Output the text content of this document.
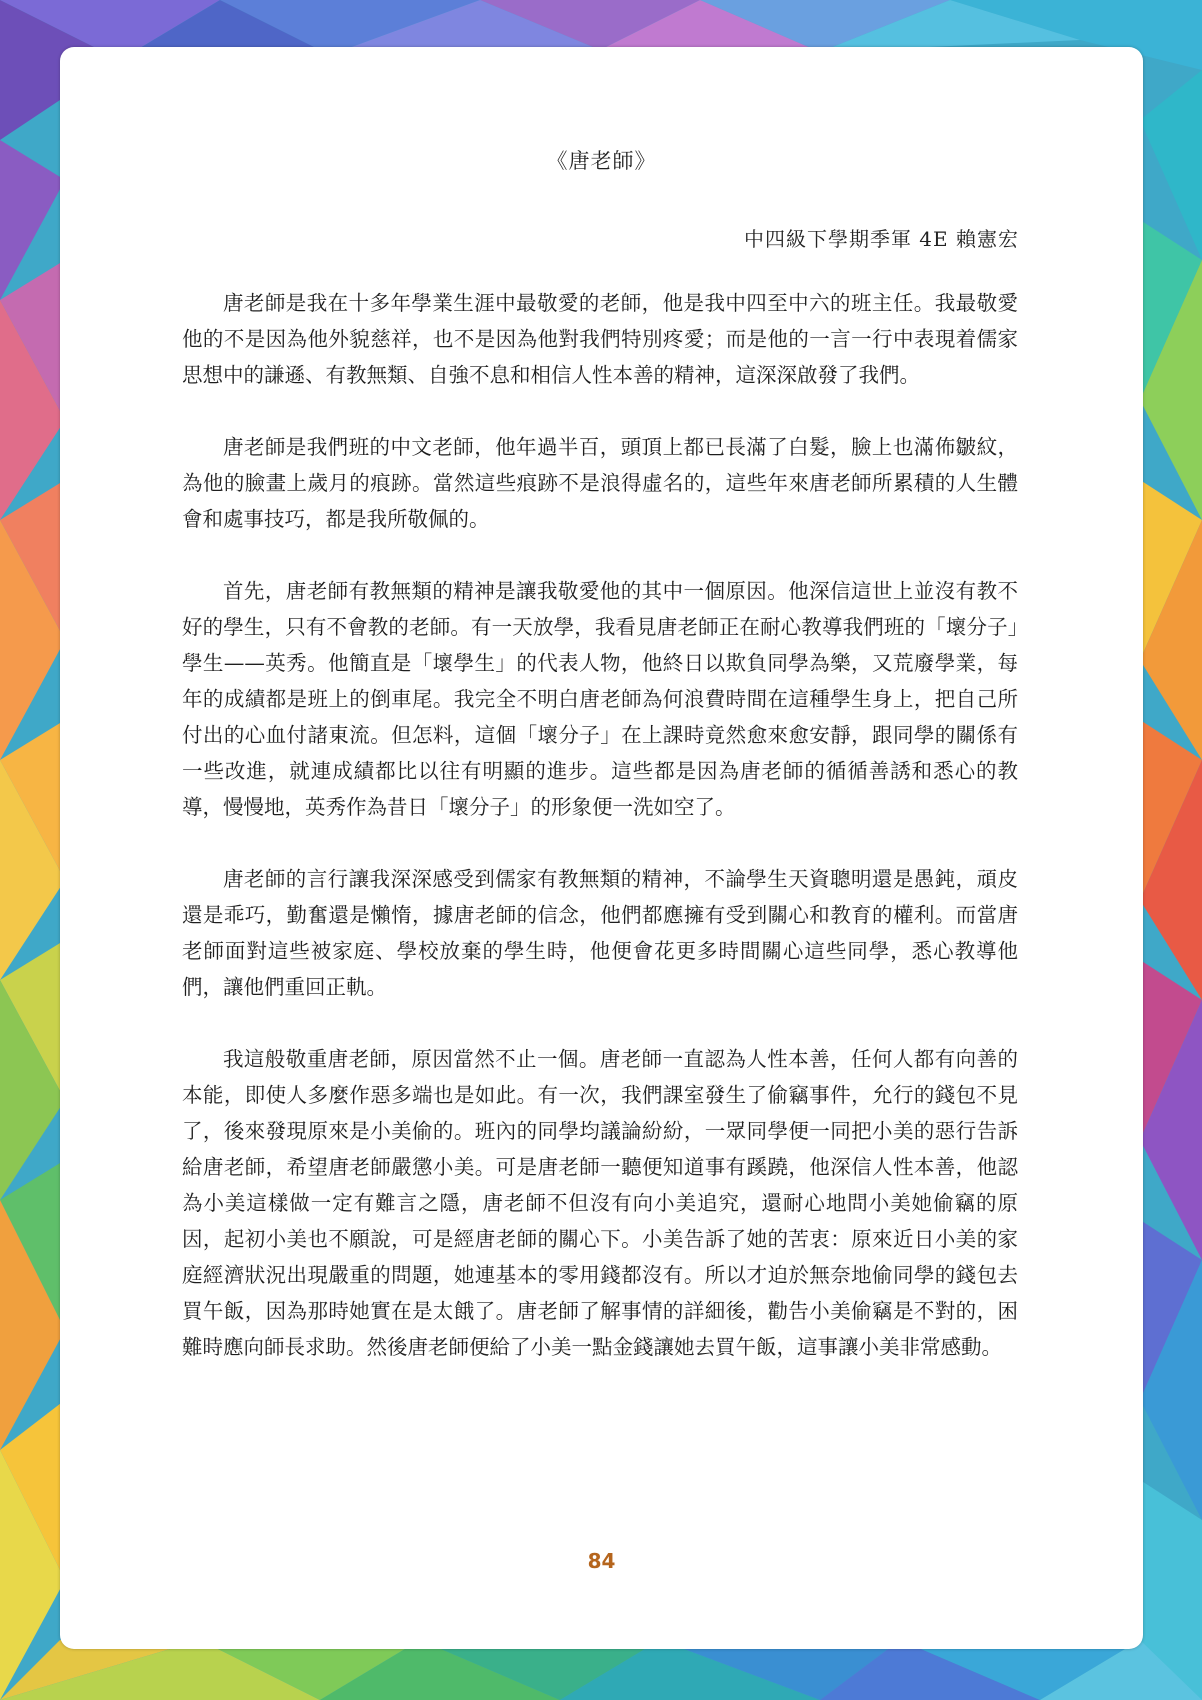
《唐老師》
中四級下學期季軍 4E 賴憲宏

唐老師是我在十多年學業生涯中最敬愛的老師，他是我中四至中六的班主任。我最敬愛他的不是因為他外貌慈祥，也不是因為他對我們特別疼愛；而是他的一言一行中表現着儒家思想中的謙遜、有教無類、自強不息和相信人性本善的精神，這深深啟發了我們。

唐老師是我們班的中文老師，他年過半百，頭頂上都已長滿了白髮，臉上也滿佈皺紋，為他的臉畫上歲月的痕跡。當然這些痕跡不是浪得虛名的，這些年來唐老師所累積的人生體會和處事技巧，都是我所敬佩的。

首先，唐老師有教無類的精神是讓我敬愛他的其中一個原因。他深信這世上並沒有教不好的學生，只有不會教的老師。有一天放學，我看見唐老師正在耐心教導我們班的「壞分子」學生——英秀。他簡直是「壞學生」的代表人物，他終日以欺負同學為樂，又荒廢學業，每年的成績都是班上的倒車尾。我完全不明白唐老師為何浪費時間在這種學生身上，把自己所付出的心血付諸東流。但怎料，這個「壞分子」在上課時竟然愈來愈安靜，跟同學的關係有一些改進，就連成績都比以往有明顯的進步。這些都是因為唐老師的循循善誘和悉心的教導，慢慢地，英秀作為昔日「壞分子」的形象便一洗如空了。

唐老師的言行讓我深深感受到儒家有教無類的精神，不論學生天資聰明還是愚鈍，頑皮還是乖巧，勤奮還是懶惰，據唐老師的信念，他們都應擁有受到關心和教育的權利。而當唐老師面對這些被家庭、學校放棄的學生時，他便會花更多時間關心這些同學，悉心教導他們，讓他們重回正軌。

我這般敬重唐老師，原因當然不止一個。唐老師一直認為人性本善，任何人都有向善的本能，即使人多麼作惡多端也是如此。有一次，我們課室發生了偷竊事件，允行的錢包不見了，後來發現原來是小美偷的。班內的同學均議論紛紛，一眾同學便一同把小美的惡行告訴給唐老師，希望唐老師嚴懲小美。可是唐老師一聽便知道事有蹊蹺，他深信人性本善，他認為小美這樣做一定有難言之隱，唐老師不但沒有向小美追究，還耐心地問小美她偷竊的原因，起初小美也不願說，可是經唐老師的關心下。小美告訴了她的苦衷：原來近日小美的家庭經濟狀況出現嚴重的問題，她連基本的零用錢都沒有。所以才迫於無奈地偷同學的錢包去買午飯，因為那時她實在是太餓了。唐老師了解事情的詳細後，勸告小美偷竊是不對的，困難時應向師長求助。然後唐老師便給了小美一點金錢讓她去買午飯，這事讓小美非常感動。

84
